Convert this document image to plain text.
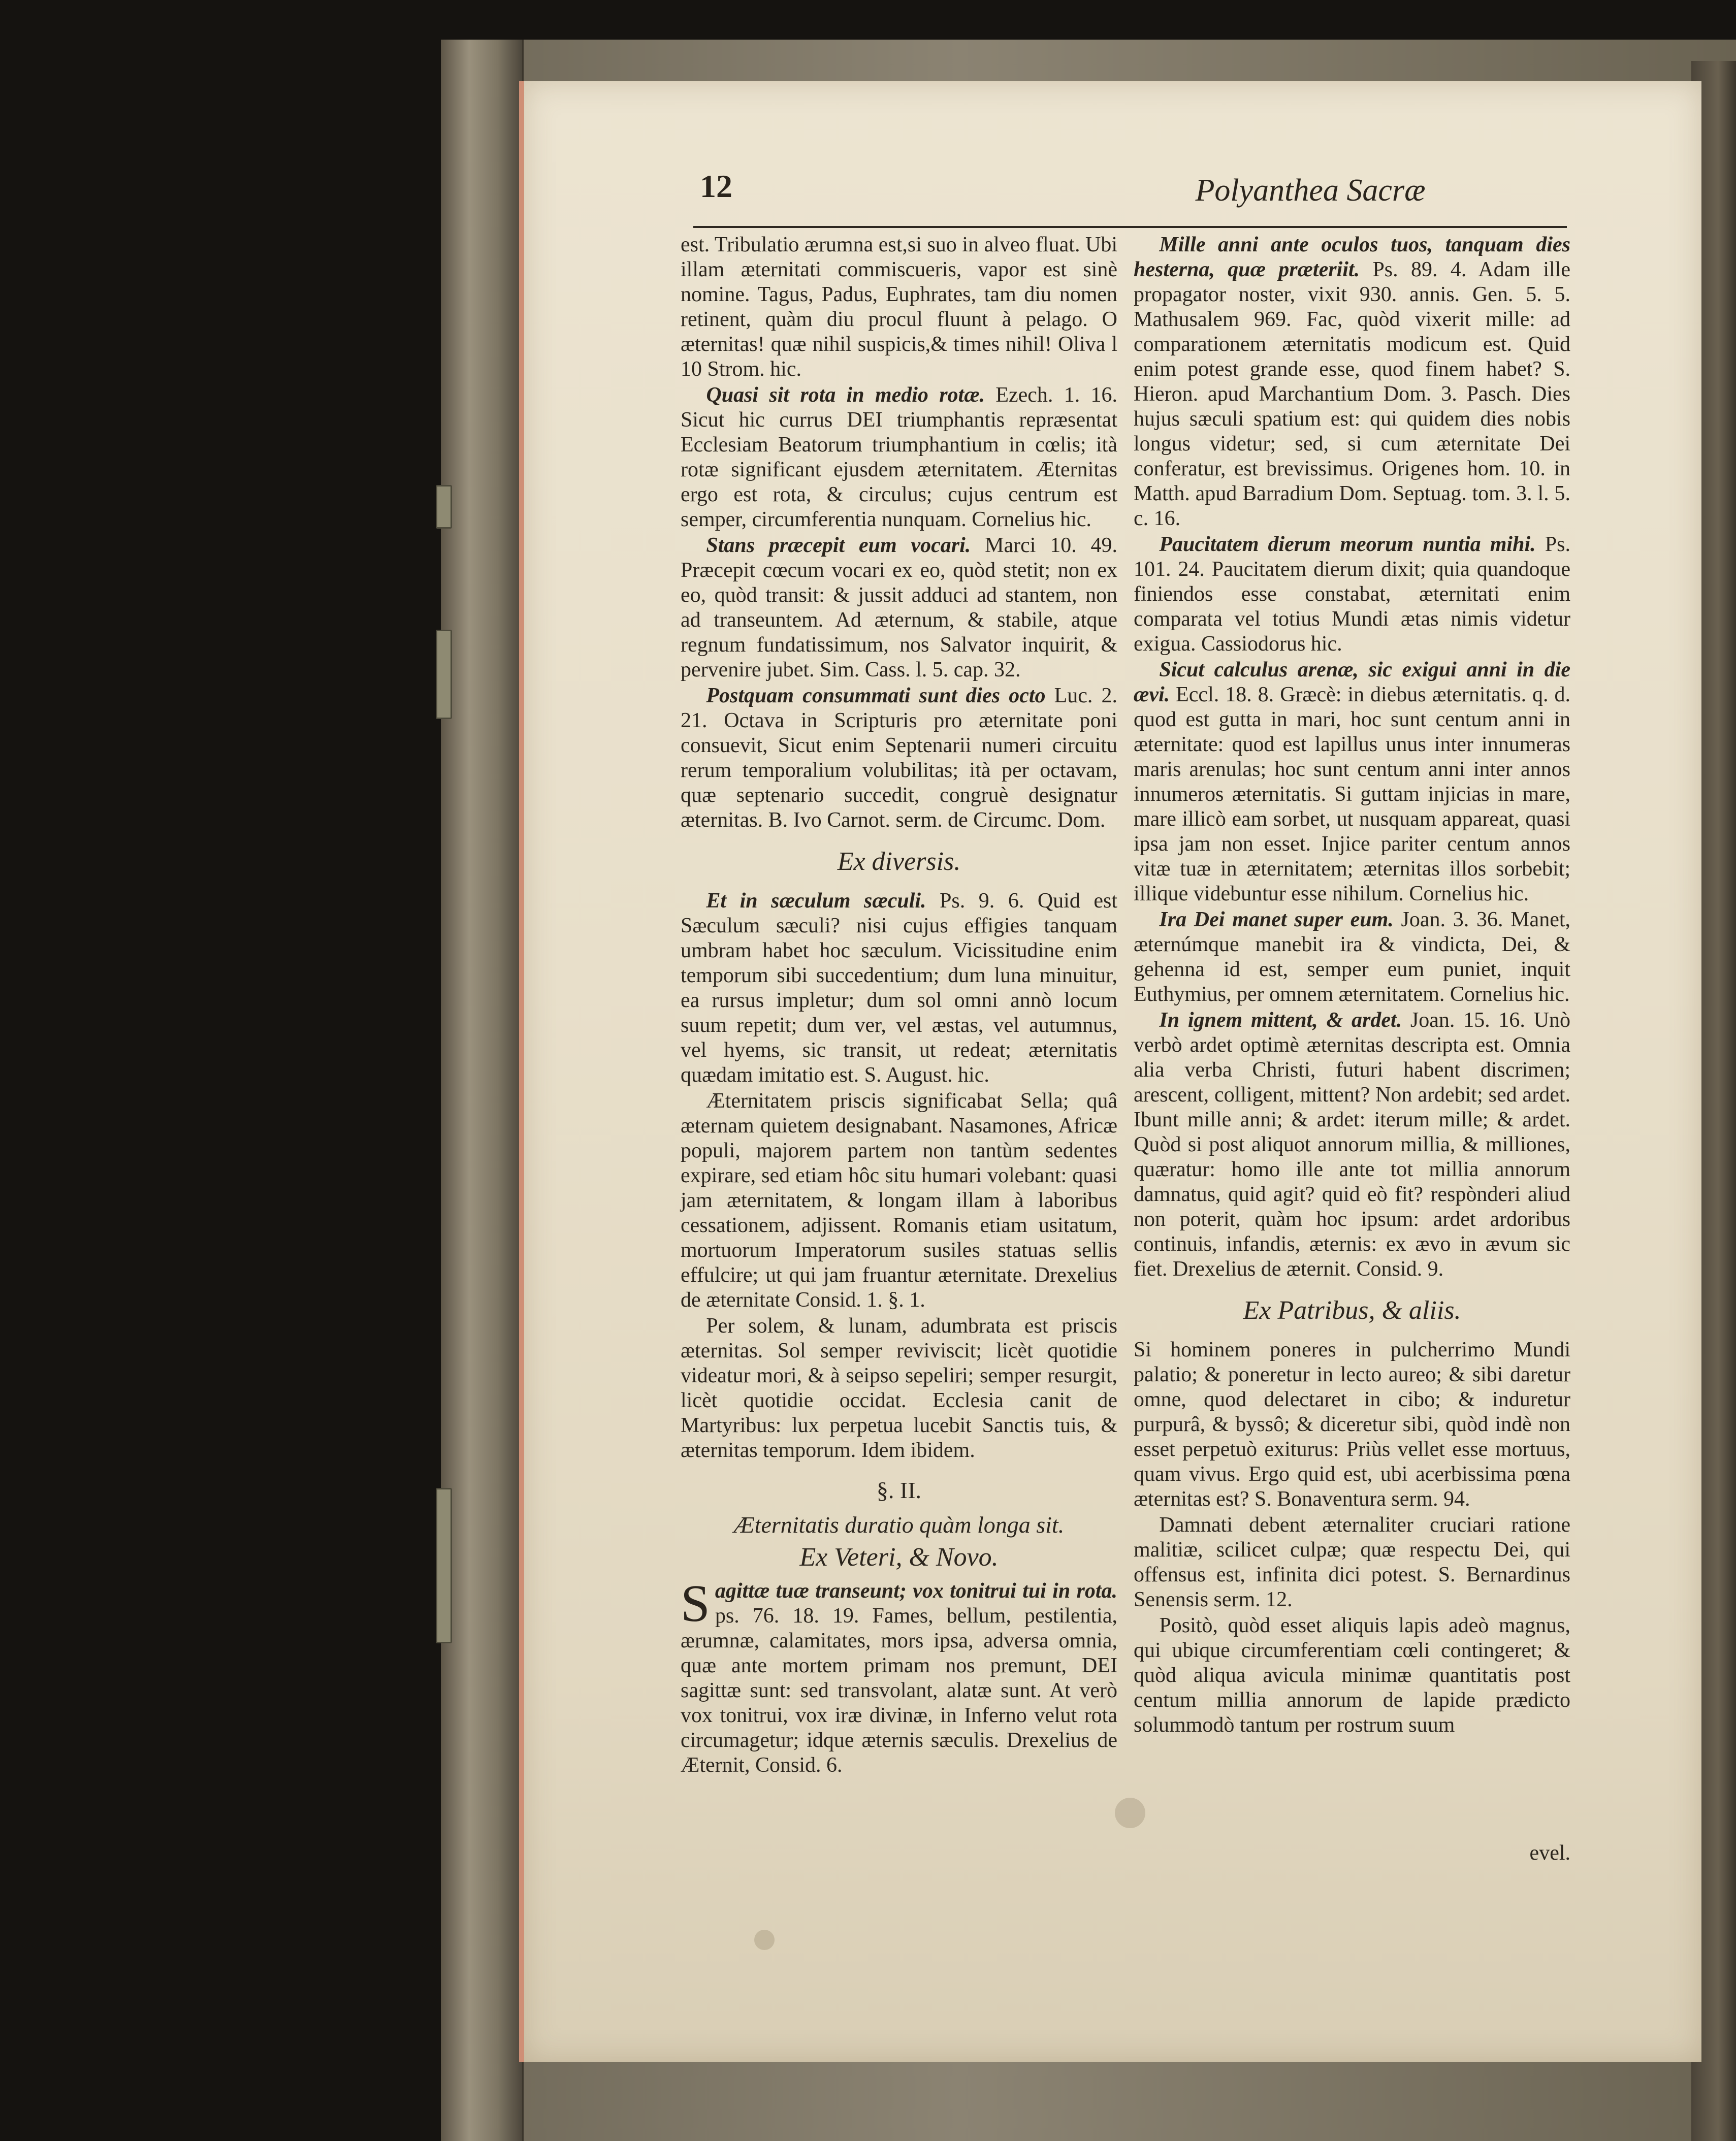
12	Polyanthea Sacræ

est. Tribulatio ærumna est,si suo in alveo fluat. Ubi illam æternitati commiscueris, vapor est sinè nomine. Tagus, Padus, Euphrates, tam diu nomen retinent, quàm diu procul fluunt à pelago. O æternitas! quæ nihil suspicis,& times nihil! Oliva l 10 Strom. hic.

Quasi sit rota in medio rotæ. Ezech. 1. 16. Sicut hic currus DEI triumphantis repræsentat Ecclesiam Beatorum triumphantium in cœlis; ità rotæ significant ejusdem æternitatem. Æternitas ergo est rota, & circulus; cujus centrum est semper, circumferentia nunquam. Cornelius hic.

Stans præcepit eum vocari. Marci 10. 49. Præcepit cœcum vocari ex eo, quòd stetit; non ex eo, quòd transit: & jussit adduci ad stantem, non ad transeuntem. Ad æternum, & stabile, atque regnum fundatissimum, nos Salvator inquirit, & pervenire jubet. Sim. Cass. l. 5. cap. 32.

Postquam consummati sunt dies octo Luc. 2. 21. Octava in Scripturis pro æternitate poni consuevit, Sicut enim Septenarii numeri circuitu rerum temporalium volubilitas; ità per octavam, quæ septenario succedit, congruè designatur æternitas. B. Ivo Carnot. serm. de Circumc. Dom.

Ex diversis.

Et in sæculum sæculi. Ps. 9. 6. Quid est Sæculum sæculi? nisi cujus effigies tanquam umbram habet hoc sæculum. Vicissitudine enim temporum sibi succedentium; dum luna minuitur, ea rursus impletur; dum sol omni annò locum suum repetit; dum ver, vel æstas, vel autumnus, vel hyems, sic transit, ut redeat; æternitatis quædam imitatio est. S. August. hic.

Æternitatem priscis significabat Sella; quâ æternam quietem designabant. Nasamones, Africæ populi, majorem partem non tantùm sedentes expirare, sed etiam hôc situ humari volebant: quasi jam æternitatem, & longam illam à laboribus cessationem, adjissent. Romanis etiam usitatum, mortuorum Imperatorum susiles statuas sellis effulcire; ut qui jam fruantur æternitate. Drexelius de æternitate Consid. 1. §. 1.

Per solem, & lunam, adumbrata est priscis æternitas. Sol semper reviviscit; licèt quotidie videatur mori, & à seipso sepeliri; semper resurgit, licèt quotidie occidat. Ecclesia canit de Martyribus: lux perpetua lucebit Sanctis tuis, & æternitas temporum. Idem ibidem.

§. II.
Æternitatis duratio quàm longa sit.
Ex Veteri, & Novo.

Sagittæ tuæ transeunt; vox tonitrui tui in rota. ps. 76. 18. 19. Fames, bellum, pestilentia, ærumnæ, calamitates, mors ipsa, adversa omnia, quæ ante mortem primam nos premunt, DEI sagittæ sunt: sed transvolant, alatæ sunt. At verò vox tonitrui, vox iræ divinæ, in Inferno velut rota circumagetur; idque æternis sæculis. Drexelius de Æternit, Consid. 6.

Mille anni ante oculos tuos, tanquam dies hesterna, quæ præteriit. Ps. 89. 4. Adam ille propagator noster, vixit 930. annis. Gen. 5. 5. Mathusalem 969. Fac, quòd vixerit mille: ad comparationem æternitatis modicum est. Quid enim potest grande esse, quod finem habet? S. Hieron. apud Marchantium Dom. 3. Pasch. Dies hujus sæculi spatium est: qui quidem dies nobis longus videtur; sed, si cum æternitate Dei conferatur, est brevissimus. Origenes hom. 10. in Matth. apud Barradium Dom. Septuag. tom. 3. l. 5. c. 16.

Paucitatem dierum meorum nuntia mihi. Ps. 101. 24. Paucitatem dierum dixit; quia quandoque finiendos esse constabat, æternitati enim comparata vel totius Mundi ætas nimis videtur exigua. Cassiodorus hic.

Sicut calculus arenæ, sic exigui anni in die ævi. Eccl. 18. 8. Græcè: in diebus æternitatis. q. d. quod est gutta in mari, hoc sunt centum anni in æternitate: quod est lapillus unus inter innumeras maris arenulas; hoc sunt centum anni inter annos innumeros æternitatis. Si guttam injicias in mare, mare illicò eam sorbet, ut nusquam appareat, quasi ipsa jam non esset. Injice pariter centum annos vitæ tuæ in æternitatem; æternitas illos sorbebit; illique videbuntur esse nihilum. Cornelius hic.

Ira Dei manet super eum. Joan. 3. 36. Manet, æternúmque manebit ira & vindicta, Dei, & gehenna id est, semper eum puniet, inquit Euthymius, per omnem æternitatem. Cornelius hic.

In ignem mittent, & ardet. Joan. 15. 16. Unò verbò ardet optimè æternitas descripta est. Omnia alia verba Christi, futuri habent discrimen; arescent, colligent, mittent? Non ardebit; sed ardet. Ibunt mille anni; & ardet: iterum mille; & ardet. Quòd si post aliquot annorum millia, & milliones, quæratur: homo ille ante tot millia annorum damnatus, quid agit? quid eò fit? respònderi aliud non poterit, quàm hoc ipsum: ardet ardoribus continuis, infandis, æternis: ex ævo in ævum sic fiet. Drexelius de æternit. Consid. 9.

Ex Patribus, & aliis.

Si hominem poneres in pulcherrimo Mundi palatio; & poneretur in lecto aureo; & sibi daretur omne, quod delectaret in cibo; & induretur purpurâ, & byssô; & diceretur sibi, quòd indè non esset perpetuò exiturus: Priùs vellet esse mortuus, quam vivus. Ergo quid est, ubi acerbissima pœna æternitas est? S. Bonaventura serm. 94.

Damnati debent æternaliter cruciari ratione malitiæ, scilicet culpæ; quæ respectu Dei, qui offensus est, infinita dici potest. S. Bernardinus Senensis serm. 12.

Positò, quòd esset aliquis lapis adeò magnus, qui ubique circumferentiam cœli contingeret; & quòd aliqua avicula minimæ quantitatis post centum millia annorum de lapide prædicto solummodò tantum per rostrum suum

evel.
